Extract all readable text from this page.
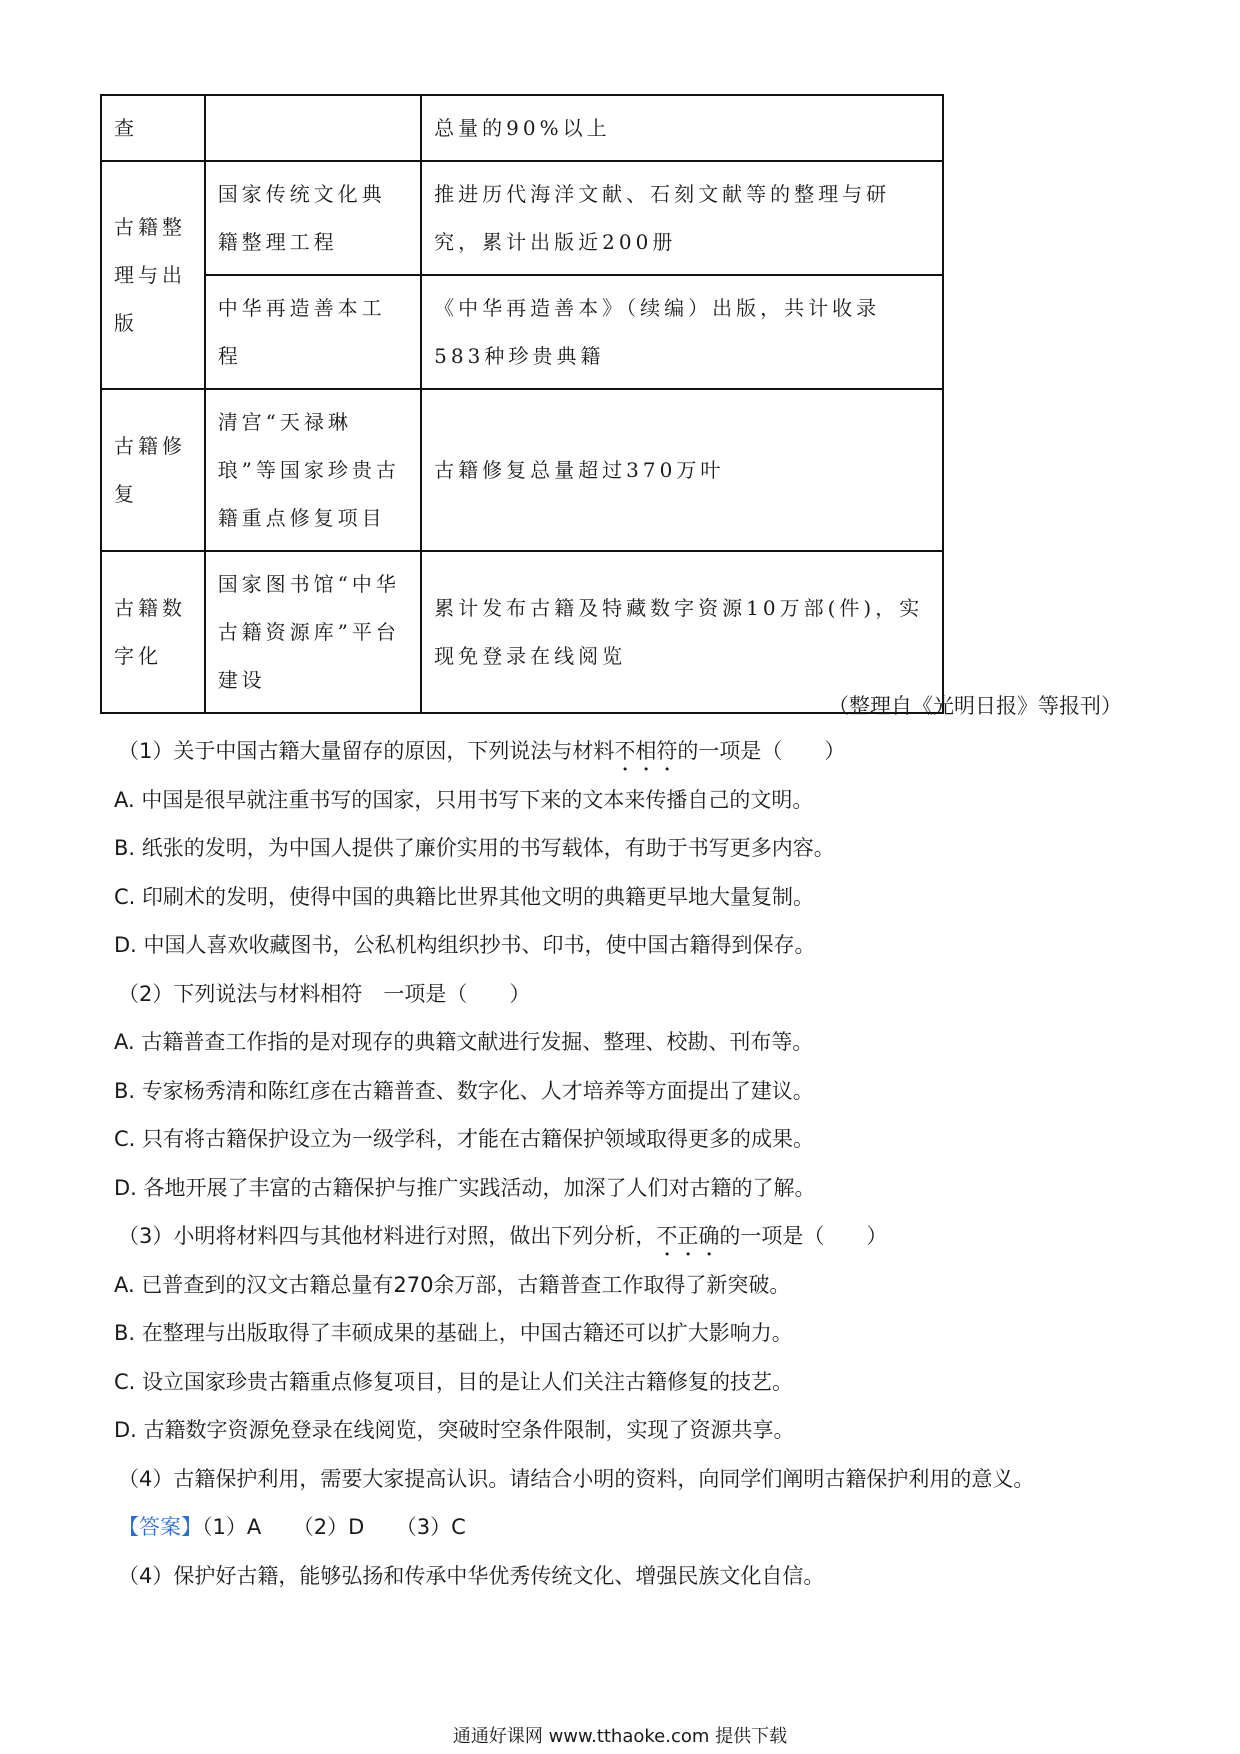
查		总量的90%以上
古籍整理与出版	国家传统文化典籍整理工程	推进历代海洋文献、石刻文献等的整理与研究，累计出版近200册
	中华再造善本工程	《中华再造善本》（续编）出版，共计收录583种珍贵典籍
古籍修复	清宫“天禄琳琅”等国家珍贵古籍重点修复项目	古籍修复总量超过370万叶
古籍数字化	国家图书馆“中华古籍资源库”平台建设	累计发布古籍及特藏数字资源10万部(件)，实现免登录在线阅览
（整理自《光明日报》等报刊）
（1）关于中国古籍大量留存的原因，下列说法与材料不相符的一项是（　　）
A. 中国是很早就注重书写的国家，只用书写下来的文本来传播自己的文明。
B. 纸张的发明，为中国人提供了廉价实用的书写载体，有助于书写更多内容。
C. 印刷术的发明，使得中国的典籍比世界其他文明的典籍更早地大量复制。
D. 中国人喜欢收藏图书，公私机构组织抄书、印书，使中国古籍得到保存。
（2）下列说法与材料相符　一项是（　　）
A. 古籍普查工作指的是对现存的典籍文献进行发掘、整理、校勘、刊布等。
B. 专家杨秀清和陈红彦在古籍普查、数字化、人才培养等方面提出了建议。
C. 只有将古籍保护设立为一级学科，才能在古籍保护领域取得更多的成果。
D. 各地开展了丰富的古籍保护与推广实践活动，加深了人们对古籍的了解。
（3）小明将材料四与其他材料进行对照，做出下列分析，不正确的一项是（　　）
A. 已普查到的汉文古籍总量有270余万部，古籍普查工作取得了新突破。
B. 在整理与出版取得了丰硕成果的基础上，中国古籍还可以扩大影响力。
C. 设立国家珍贵古籍重点修复项目，目的是让人们关注古籍修复的技艺。
D. 古籍数字资源免登录在线阅览，突破时空条件限制，实现了资源共享。
（4）古籍保护利用，需要大家提高认识。请结合小明的资料，向同学们阐明古籍保护利用的意义。
【答案】（1）A　　（2）D　　（3）C
（4）保护好古籍，能够弘扬和传承中华优秀传统文化、增强民族文化自信。
通通好课网 www.tthaoke.com 提供下载
